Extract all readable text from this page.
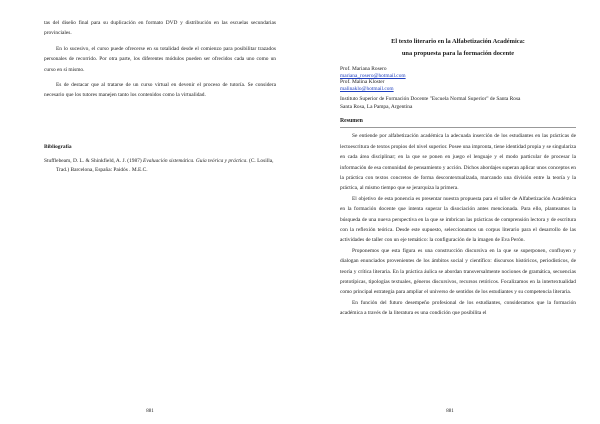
tas del diseño final para su duplicación en formato DVD y distribución en las escuelas secundarias provinciales.

En lo sucesivo, el curso puede ofrecerse en su totalidad desde el comienzo para posibilitar trazados personales de recorrido. Por otra parte, los diferentes módulos pueden ser ofrecidos cada uno como un curso en sí mismo.

Es de destacar que al tratarse de un curso virtual en devenir el proceso de tutoría. Se considera necesario que los tutores manejen tanto los contenidos como la virtualidad.

Bibliografía

Stufflebeam, D. L. & Shinkfield, A. J. (1987) Evaluación sistemática. Guía teórica y práctica. (C. Losilla, Trad.) Barcelona, España: Paidós . M.E.C.

881

El texto literario en la Alfabetización Académica:

una propuesta para la formación docente

Prof. Mariana Rosero

mariana_rosero@hotmail.com

Prof. Malina Kloster

malinaklo@hotmail.com

Instituto Superior de Formación Docente "Escuela Normal Superior" de Santa Rosa

Santa Rosa, La Pampa, Argentina

Resumen

Se entiende por alfabetización académica la adecuada inserción de los estudiantes en las prácticas de lectoescritura de textos propios del nivel superior. Posee una impronta, tiene identidad propia y se singulariza en cada área disciplinar; en la que se ponen en juego el lenguaje y el modo particular de procesar la información de esa comunidad de pensamiento y acción. Dichos abordajes superan aplicar unos conceptos en la práctica con textos concretos de forma descontextualizada, marcando una división entre la teoría y la práctica, al mismo tiempo que se jerarquiza la primera.

El objetivo de esta ponencia es presentar nuestra propuesta para el taller de Alfabetización Académica en la formación docente que intenta superar la disociación antes mencionada. Para ello, planteamos la búsqueda de una nueva perspectiva en la que se imbrican las prácticas de comprensión lectora y de escritura con la reflexión teórica. Desde este supuesto, seleccionamos un corpus literario para el desarrollo de las actividades de taller con un eje temático: la configuración de la imagen de Eva Perón.

Proponemos que esta figura es una construcción discursiva en la que se superponen, confluyen y dialogan enunciados provenientes de los ámbitos social y científico: discursos históricos, periodísticos, de teoría y crítica literaria. En la práctica áulica se abordan transversalmente nociones de gramática, secuencias prototípicas, tipologías textuales, géneros discursivos, recursos retóricos. Focalizamos en la intertextualidad como principal estrategia para ampliar el universo de sentidos de los estudiantes y su competencia literaria.

En función del futuro desempeño profesional de los estudiantes, consideramos que la formación académica a través de la literatura es una condición que posibilita el

881
